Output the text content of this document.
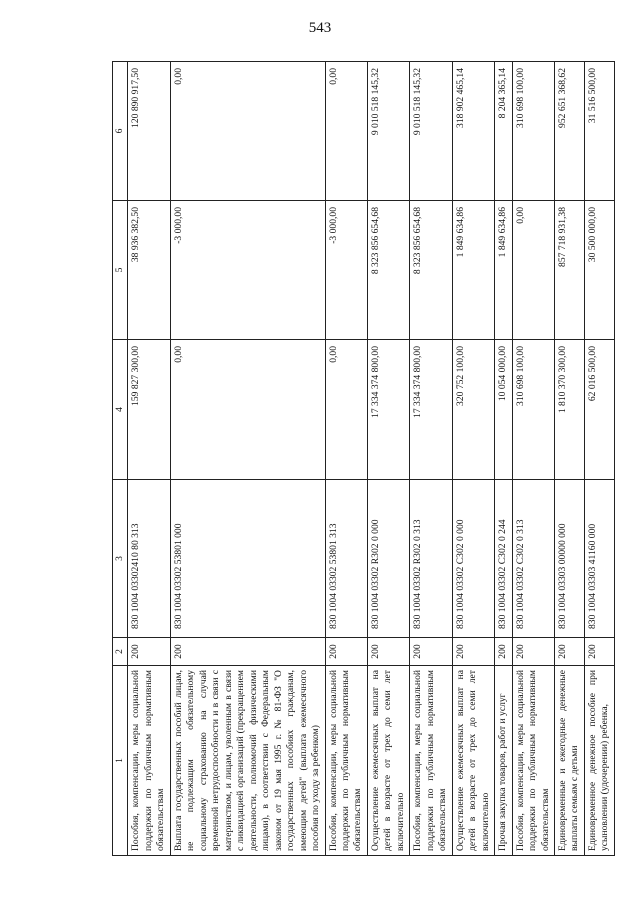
543
1	2	3	4	5	6
Пособия, компенсации, меры социальной поддержки по публичным нормативным обязательствам	200	830 1004 03302410 80 313	159 827 300,00	38 936 382,50	120 890 917,50
Выплата государственных пособий лицам, не подлежащим обязательному социальному страхованию на случай временной нетрудоспособности и в связи с материнством, и лицам, уволенным в связи с ликвидацией организаций (прекращением деятельности, полномочий физическими лицами), в соответствии с Федеральным законом от 19 мая 1995 г. № 81-ФЗ "О государственных пособиях гражданам, имеющим детей" (выплата ежемесячного пособия по уходу за ребенком)	200	830 1004 03302 53801 000	0,00	-3 000,00	0,00
Пособия, компенсации, меры социальной поддержки по публичным нормативным обязательствам	200	830 1004 03302 53801 313	0,00	-3 000,00	0,00
Осуществление ежемесячных выплат на детей в возрасте от трех до семи лет включительно	200	830 1004 03302 R302 0 000	17 334 374 800,00	8 323 856 654,68	9 010 518 145,32
Пособия, компенсации, меры социальной поддержки по публичным нормативным обязательствам	200	830 1004 03302 R302 0 313	17 334 374 800,00	8 323 856 654,68	9 010 518 145,32
Осуществление ежемесячных выплат на детей в возрасте от трех до семи лет включительно	200	830 1004 03302 C302 0 000	320 752 100,00	1 849 634,86	318 902 465,14
Прочая закупка товаров, работ и услуг	200	830 1004 03302 C302 0 244	10 054 000,00	1 849 634,86	8 204 365,14
Пособия, компенсации, меры социальной поддержки по публичным нормативным обязательствам	200	830 1004 03302 C302 0 313	310 698 100,00	0,00	310 698 100,00
Единовременные и ежегодные денежные выплаты семьям с детьми	200	830 1004 03303 00000 000	1 810 370 300,00	857 718 931,38	952 651 368,62
Единовременное денежное пособие при усыновлении (удочерении) ребенка,	200	830 1004 03303 41160 000	62 016 500,00	30 500 000,00	31 516 500,00
